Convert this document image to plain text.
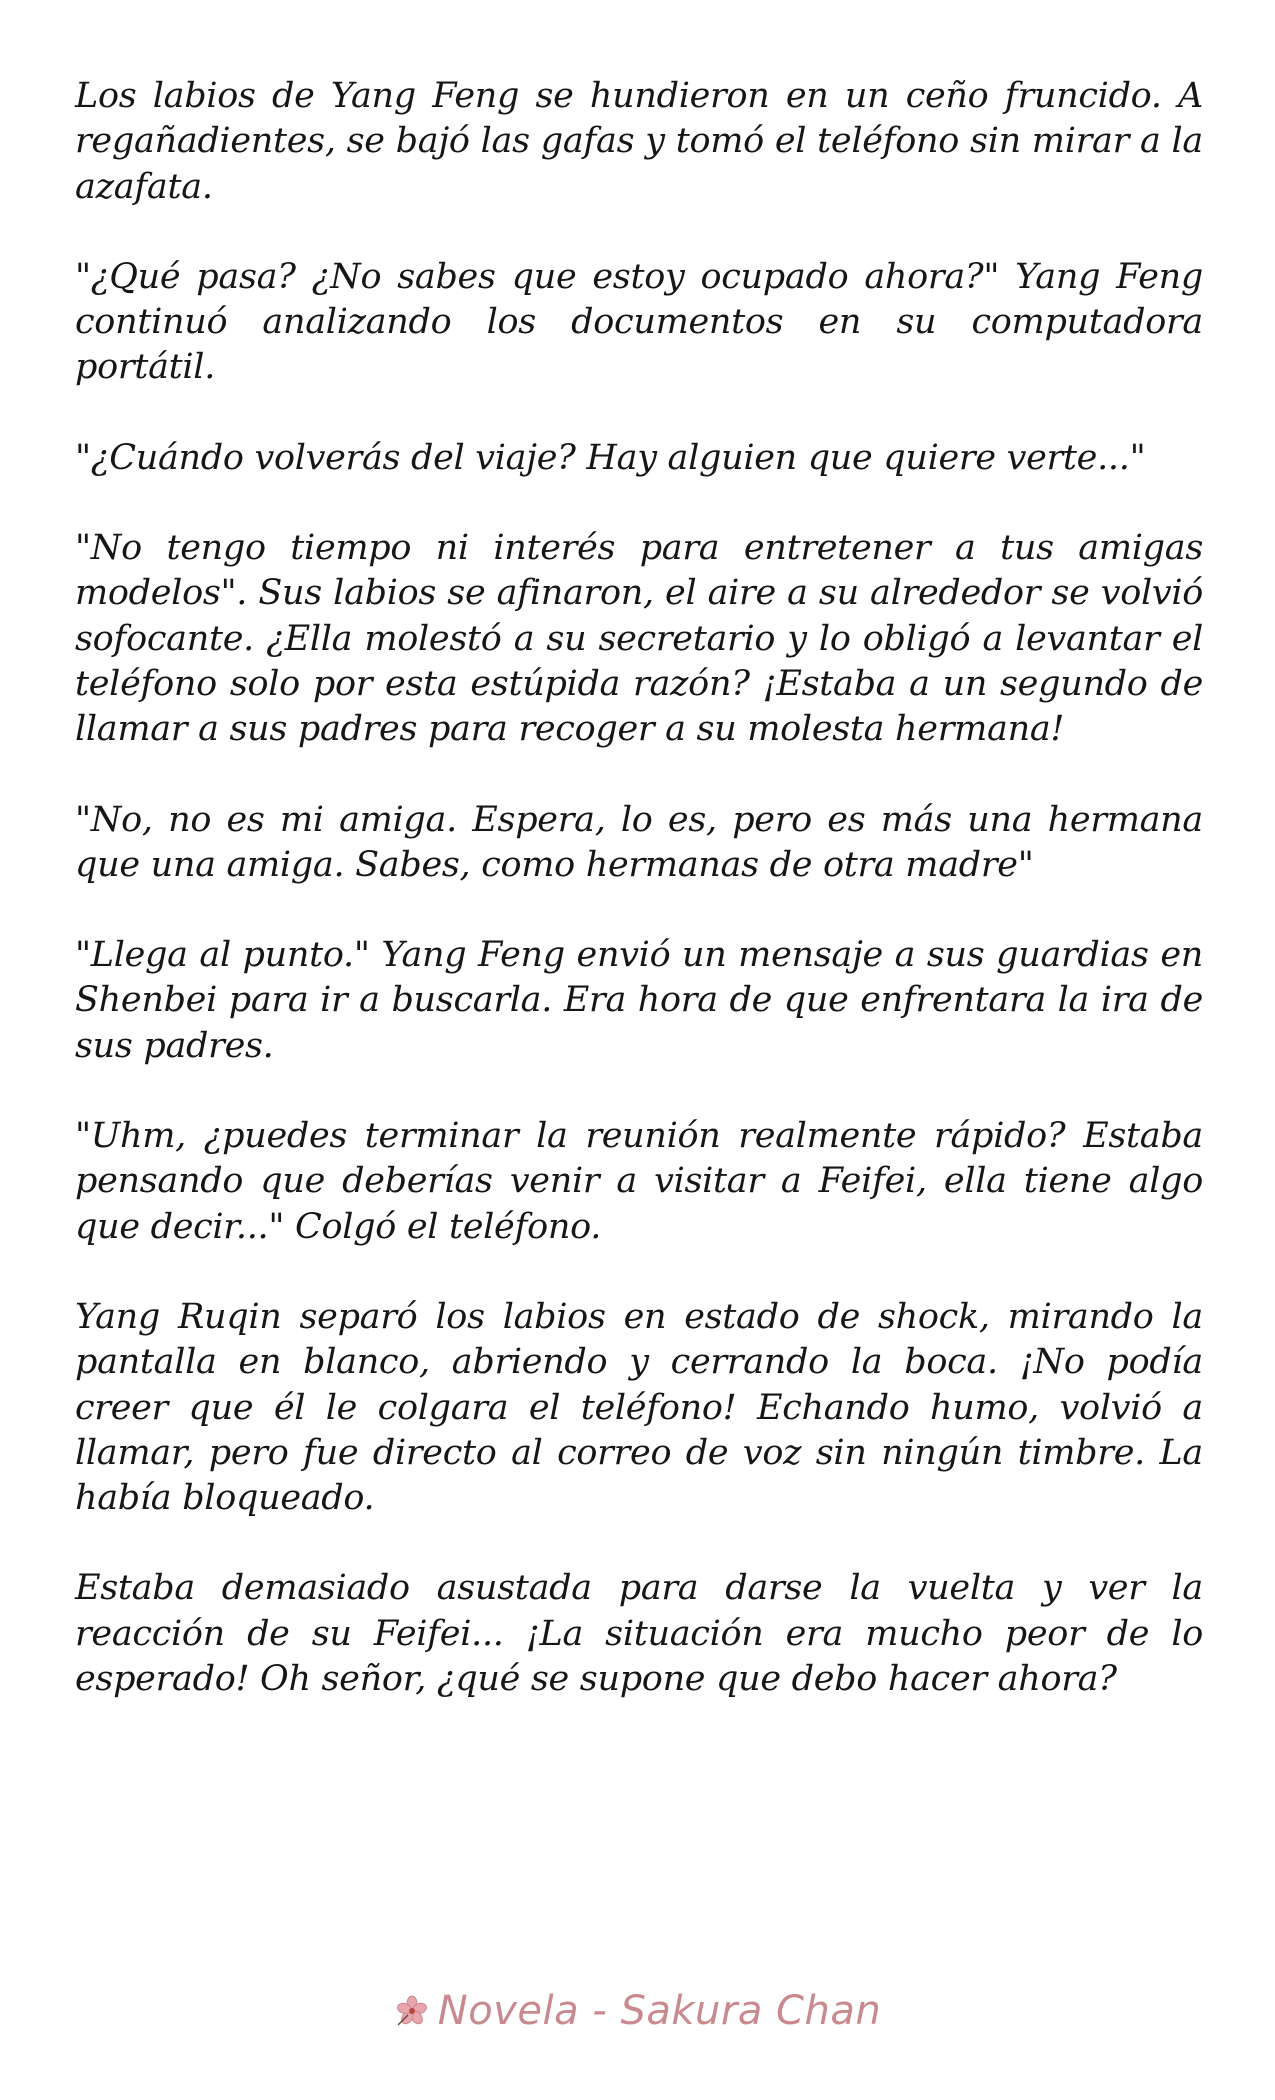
Los labios de Yang Feng se hundieron en un ceño fruncido. A regañadientes, se bajó las gafas y tomó el teléfono sin mirar a la azafata.

"¿Qué pasa? ¿No sabes que estoy ocupado ahora?" Yang Feng continuó analizando los documentos en su computadora portátil.

"¿Cuándo volverás del viaje? Hay alguien que quiere verte..."

"No tengo tiempo ni interés para entretener a tus amigas modelos". Sus labios se afinaron, el aire a su alrededor se volvió sofocante. ¿Ella molestó a su secretario y lo obligó a levantar el teléfono solo por esta estúpida razón? ¡Estaba a un segundo de llamar a sus padres para recoger a su molesta hermana!

"No, no es mi amiga. Espera, lo es, pero es más una hermana que una amiga. Sabes, como hermanas de otra madre"

"Llega al punto." Yang Feng envió un mensaje a sus guardias en Shenbei para ir a buscarla. Era hora de que enfrentara la ira de sus padres.

"Uhm, ¿puedes terminar la reunión realmente rápido? Estaba pensando que deberías venir a visitar a Feifei, ella tiene algo que decir..." Colgó el teléfono.

Yang Ruqin separó los labios en estado de shock, mirando la pantalla en blanco, abriendo y cerrando la boca. ¡No podía creer que él le colgara el teléfono! Echando humo, volvió a llamar, pero fue directo al correo de voz sin ningún timbre. La había bloqueado.

Estaba demasiado asustada para darse la vuelta y ver la reacción de su Feifei... ¡La situación era mucho peor de lo esperado! Oh señor, ¿qué se supone que debo hacer ahora?

Novela - Sakura Chan
